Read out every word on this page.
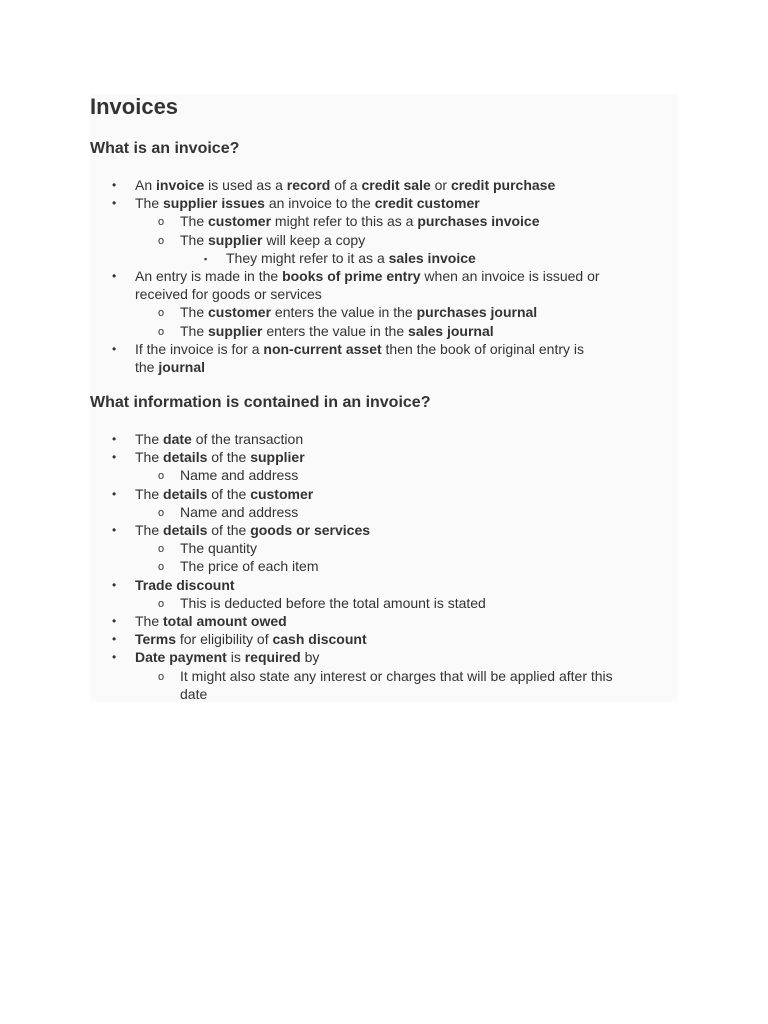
Invoices
What is an invoice?
•
An invoice is used as a record of a credit sale or credit purchase
•
The supplier issues an invoice to the credit customer
o
The customer might refer to this as a purchases invoice
o
The supplier will keep a copy
▪
They might refer to it as a sales invoice
•
An entry is made in the books of prime entry when an invoice is issued or
received for goods or services
o
The customer enters the value in the purchases journal
o
The supplier enters the value in the sales journal
•
If the invoice is for a non-current asset then the book of original entry is
the journal
What information is contained in an invoice?
•
The date of the transaction
•
The details of the supplier
o
Name and address
•
The details of the customer
o
Name and address
•
The details of the goods or services
o
The quantity
o
The price of each item
•
Trade discount
o
This is deducted before the total amount is stated
•
The total amount owed
•
Terms for eligibility of cash discount
•
Date payment is required by
o
It might also state any interest or charges that will be applied after this
date
